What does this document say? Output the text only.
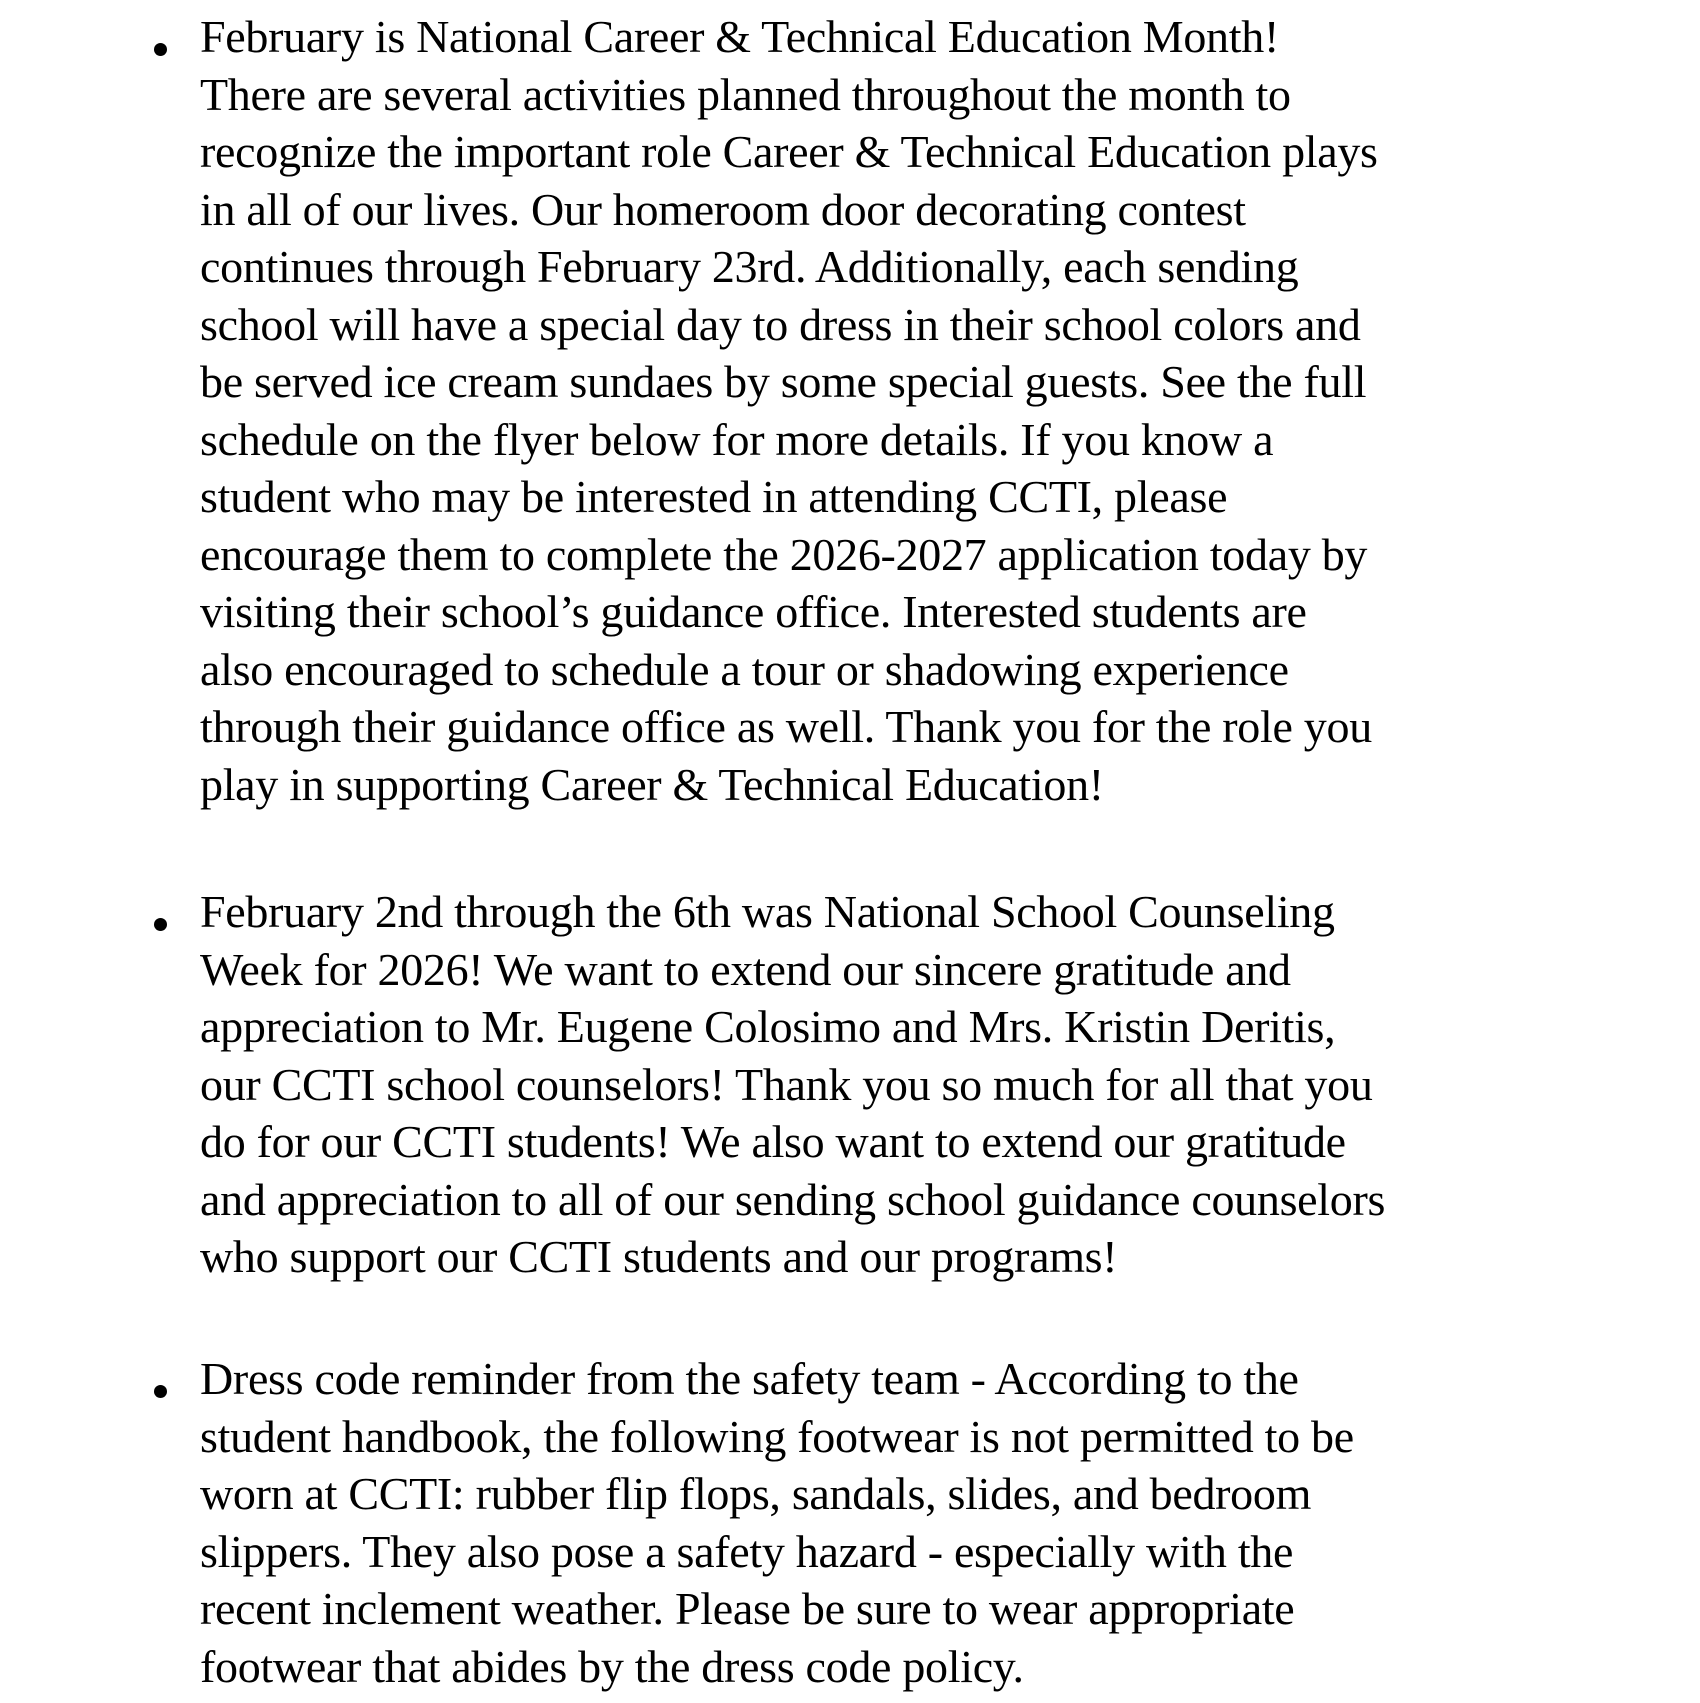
February is National Career & Technical Education Month!
There are several activities planned throughout the month to
recognize the important role Career & Technical Education plays
in all of our lives. Our homeroom door decorating contest
continues through February 23rd. Additionally, each sending
school will have a special day to dress in their school colors and
be served ice cream sundaes by some special guests. See the full
schedule on the flyer below for more details. If you know a
student who may be interested in attending CCTI, please
encourage them to complete the 2026-2027 application today by
visiting their school’s guidance office. Interested students are
also encouraged to schedule a tour or shadowing experience
through their guidance office as well. Thank you for the role you
play in supporting Career & Technical Education!
February 2nd through the 6th was National School Counseling
Week for 2026! We want to extend our sincere gratitude and
appreciation to Mr. Eugene Colosimo and Mrs. Kristin Deritis,
our CCTI school counselors! Thank you so much for all that you
do for our CCTI students! We also want to extend our gratitude
and appreciation to all of our sending school guidance counselors
who support our CCTI students and our programs!
Dress code reminder from the safety team - According to the
student handbook, the following footwear is not permitted to be
worn at CCTI: rubber flip flops, sandals, slides, and bedroom
slippers. They also pose a safety hazard - especially with the
recent inclement weather. Please be sure to wear appropriate
footwear that abides by the dress code policy.
